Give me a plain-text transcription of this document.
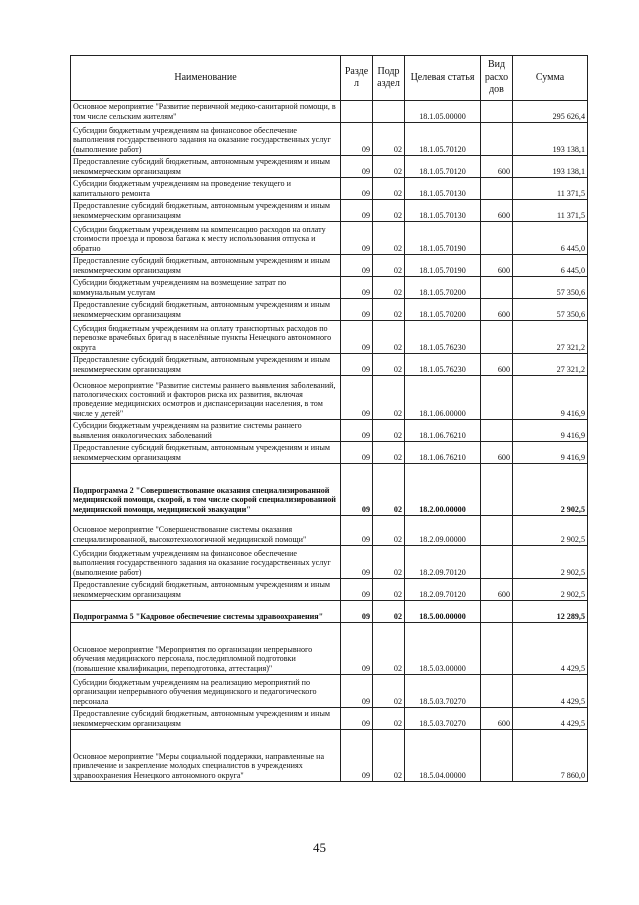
Наименование	Разде л	Подр аздел	Целевая статья	Вид расхо дов	Сумма
Основное мероприятие "Развитие первичной медико-санитарной помощи, в том числе сельским жителям"			18.1.05.00000		295 626,4
Субсидии бюджетным учреждениям на финансовое обеспечение выполнения государственного задания на оказание государственных услуг (выполнение работ)	09	02	18.1.05.70120		193 138,1
Предоставление субсидий бюджетным, автономным учреждениям и иным некоммерческим организациям	09	02	18.1.05.70120	600	193 138,1
Субсидии бюджетным учреждениям на проведение текущего и капитального ремонта	09	02	18.1.05.70130		11 371,5
Предоставление субсидий бюджетным, автономным учреждениям и иным некоммерческим организациям	09	02	18.1.05.70130	600	11 371,5
Субсидии бюджетным учреждениям на компенсацию расходов на оплату стоимости проезда и провоза багажа к месту использования отпуска и обратно	09	02	18.1.05.70190		6 445,0
Предоставление субсидий бюджетным, автономным учреждениям и иным некоммерческим организациям	09	02	18.1.05.70190	600	6 445,0
Субсидии бюджетным учреждениям на возмещение затрат по коммунальным услугам	09	02	18.1.05.70200		57 350,6
Предоставление субсидий бюджетным, автономным учреждениям и иным некоммерческим организациям	09	02	18.1.05.70200	600	57 350,6
Субсидия бюджетным учреждениям на оплату транспортных расходов по перевозке врачебных бригад в населённые пункты Ненецкого автономного округа	09	02	18.1.05.76230		27 321,2
Предоставление субсидий бюджетным, автономным учреждениям и иным некоммерческим организациям	09	02	18.1.05.76230	600	27 321,2
Основное мероприятие "Развитие системы раннего выявления заболеваний, патологических состояний и факторов риска их развития, включая проведение медицинских осмотров и диспансеризации населения, в том числе у детей"	09	02	18.1.06.00000		9 416,9
Субсидии бюджетным учреждениям на развитие системы раннего выявления онкологических заболеваний	09	02	18.1.06.76210		9 416,9
Предоставление субсидий бюджетным, автономным учреждениям и иным некоммерческим организациям	09	02	18.1.06.76210	600	9 416,9
Подпрограмма 2 "Совершенствование оказания специализированной медицинской помощи, скорой, в том числе скорой специализированной медицинской помощи, медицинской эвакуации"	09	02	18.2.00.00000		2 902,5
Основное мероприятие "Совершенствование системы оказания специализированной, высокотехнологичной медицинской помощи"	09	02	18.2.09.00000		2 902,5
Субсидии бюджетным учреждениям на финансовое обеспечение выполнения государственного задания на оказание государственных услуг (выполнение работ)	09	02	18.2.09.70120		2 902,5
Предоставление субсидий бюджетным, автономным учреждениям и иным некоммерческим организациям	09	02	18.2.09.70120	600	2 902,5
Подпрограмма 5 "Кадровое обеспечение системы здравоохранения"	09	02	18.5.00.00000		12 289,5
Основное мероприятие "Мероприятия по организации непрерывного обучения медицинского персонала, последипломной подготовки (повышение квалификации, переподготовка, аттестация)"	09	02	18.5.03.00000		4 429,5
Субсидии бюджетным учреждениям на реализацию мероприятий по организации непрерывного обучения медицинского и педагогического персонала	09	02	18.5.03.70270		4 429,5
Предоставление субсидий бюджетным, автономным учреждениям и иным некоммерческим организациям	09	02	18.5.03.70270	600	4 429,5
Основное мероприятие "Меры социальной поддержки, направленные на привлечение и закрепление молодых специалистов в учреждениях здравоохранения Ненецкого автономного округа"	09	02	18.5.04.00000		7 860,0
45
